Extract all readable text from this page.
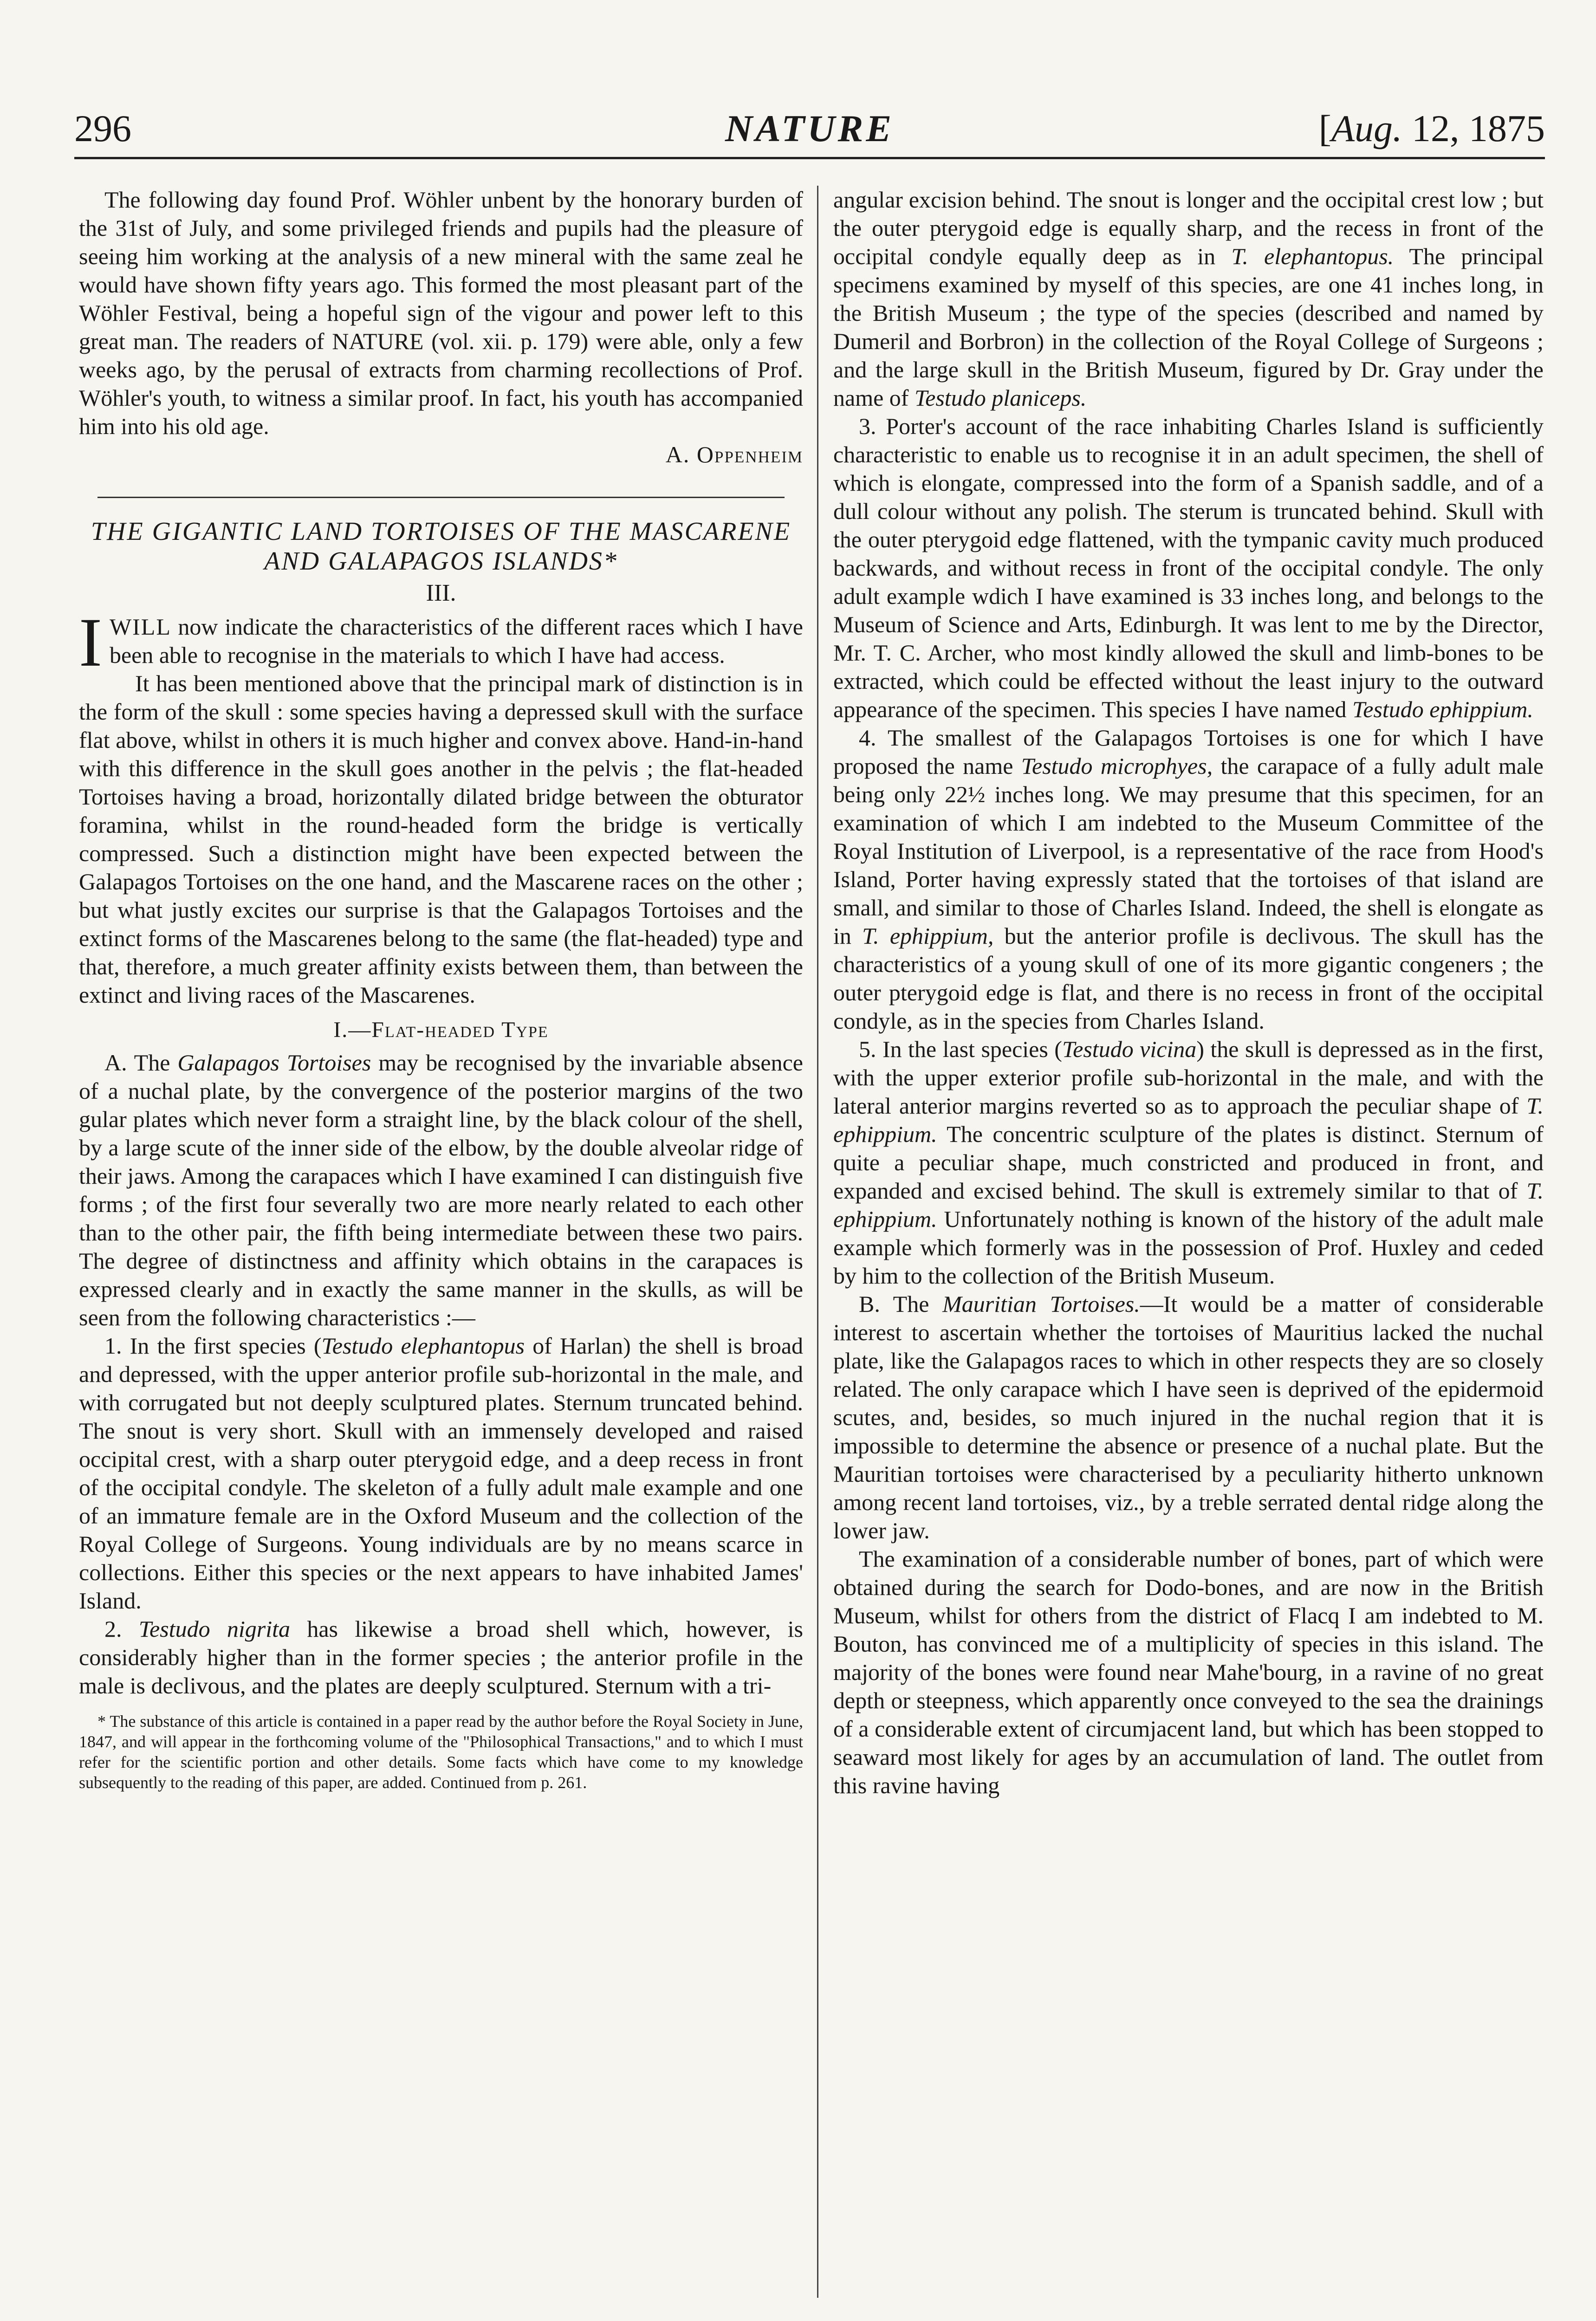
296	NATURE	[Aug. 12, 1875

The following day found Prof. Wöhler unbent by the honorary burden of the 31st of July, and some privileged friends and pupils had the pleasure of seeing him working at the analysis of a new mineral with the same zeal he would have shown fifty years ago. This formed the most pleasant part of the Wöhler Festival, being a hopeful sign of the vigour and power left to this great man. The readers of NATURE (vol. xii. p. 179) were able, only a few weeks ago, by the perusal of extracts from charming recollections of Prof. Wöhler's youth, to witness a similar proof. In fact, his youth has accompanied him into his old age.

A. Oppenheim

THE GIGANTIC LAND TORTOISES OF THE MASCARENE AND GALAPAGOS ISLANDS*

III.

IWILL now indicate the characteristics of the different races which I have been able to recognise in the materials to which I have had access.

It has been mentioned above that the principal mark of distinction is in the form of the skull : some species having a depressed skull with the surface flat above, whilst in others it is much higher and convex above. Hand-in-hand with this difference in the skull goes another in the pelvis ; the flat-headed Tortoises having a broad, horizontally dilated bridge between the obturator foramina, whilst in the round-headed form the bridge is vertically compressed. Such a distinction might have been expected between the Galapagos Tortoises on the one hand, and the Mascarene races on the other ; but what justly excites our surprise is that the Galapagos Tortoises and the extinct forms of the Mascarenes belong to the same (the flat-headed) type and that, therefore, a much greater affinity exists between them, than between the extinct and living races of the Mascarenes.

I.—Flat-headed Type

A. The Galapagos Tortoises may be recognised by the invariable absence of a nuchal plate, by the convergence of the posterior margins of the two gular plates which never form a straight line, by the black colour of the shell, by a large scute of the inner side of the elbow, by the double alveolar ridge of their jaws. Among the carapaces which I have examined I can distinguish five forms ; of the first four severally two are more nearly related to each other than to the other pair, the fifth being intermediate between these two pairs. The degree of distinctness and affinity which obtains in the carapaces is expressed clearly and in exactly the same manner in the skulls, as will be seen from the following characteristics :—

1. In the first species (Testudo elephantopus of Harlan) the shell is broad and depressed, with the upper anterior profile sub-horizontal in the male, and with corrugated but not deeply sculptured plates. Sternum truncated behind. The snout is very short. Skull with an immensely developed and raised occipital crest, with a sharp outer pterygoid edge, and a deep recess in front of the occipital condyle. The skeleton of a fully adult male example and one of an immature female are in the Oxford Museum and the collection of the Royal College of Surgeons. Young individuals are by no means scarce in collections. Either this species or the next appears to have inhabited James' Island.

2. Testudo nigrita has likewise a broad shell which, however, is considerably higher than in the former species ; the anterior profile in the male is declivous, and the plates are deeply sculptured. Sternum with a tri-

* The substance of this article is contained in a paper read by the author before the Royal Society in June, 1847, and will appear in the forthcoming volume of the "Philosophical Transactions," and to which I must refer for the scientific portion and other details. Some facts which have come to my knowledge subsequently to the reading of this paper, are added. Continued from p. 261.

angular excision behind. The snout is longer and the occipital crest low ; but the outer pterygoid edge is equally sharp, and the recess in front of the occipital condyle equally deep as in T. elephantopus. The principal specimens examined by myself of this species, are one 41 inches long, in the British Museum ; the type of the species (described and named by Dumeril and Borbron) in the collection of the Royal College of Surgeons ; and the large skull in the British Museum, figured by Dr. Gray under the name of Testudo planiceps.

3. Porter's account of the race inhabiting Charles Island is sufficiently characteristic to enable us to recognise it in an adult specimen, the shell of which is elongate, compressed into the form of a Spanish saddle, and of a dull colour without any polish. The sterum is truncated behind. Skull with the outer pterygoid edge flattened, with the tympanic cavity much produced backwards, and without recess in front of the occipital condyle. The only adult example wdich I have examined is 33 inches long, and belongs to the Museum of Science and Arts, Edinburgh. It was lent to me by the Director, Mr. T. C. Archer, who most kindly allowed the skull and limb-bones to be extracted, which could be effected without the least injury to the outward appearance of the specimen. This species I have named Testudo ephippium.

4. The smallest of the Galapagos Tortoises is one for which I have proposed the name Testudo microphyes, the carapace of a fully adult male being only 22½ inches long. We may presume that this specimen, for an examination of which I am indebted to the Museum Committee of the Royal Institution of Liverpool, is a representative of the race from Hood's Island, Porter having expressly stated that the tortoises of that island are small, and similar to those of Charles Island. Indeed, the shell is elongate as in T. ephippium, but the anterior profile is declivous. The skull has the characteristics of a young skull of one of its more gigantic congeners ; the outer pterygoid edge is flat, and there is no recess in front of the occipital condyle, as in the species from Charles Island.

5. In the last species (Testudo vicina) the skull is depressed as in the first, with the upper exterior profile sub-horizontal in the male, and with the lateral anterior margins reverted so as to approach the peculiar shape of T. ephippium. The concentric sculpture of the plates is distinct. Sternum of quite a peculiar shape, much constricted and produced in front, and expanded and excised behind. The skull is extremely similar to that of T. ephippium. Unfortunately nothing is known of the history of the adult male example which formerly was in the possession of Prof. Huxley and ceded by him to the collection of the British Museum.

B. The Mauritian Tortoises.—It would be a matter of considerable interest to ascertain whether the tortoises of Mauritius lacked the nuchal plate, like the Galapagos races to which in other respects they are so closely related. The only carapace which I have seen is deprived of the epidermoid scutes, and, besides, so much injured in the nuchal region that it is impossible to determine the absence or presence of a nuchal plate. But the Mauritian tortoises were characterised by a peculiarity hitherto unknown among recent land tortoises, viz., by a treble serrated dental ridge along the lower jaw.

The examination of a considerable number of bones, part of which were obtained during the search for Dodo-bones, and are now in the British Museum, whilst for others from the district of Flacq I am indebted to M. Bouton, has convinced me of a multiplicity of species in this island. The majority of the bones were found near Mahe'bourg, in a ravine of no great depth or steepness, which apparently once conveyed to the sea the drainings of a considerable extent of circumjacent land, but which has been stopped to seaward most likely for ages by an accumulation of land. The outlet from this ravine having
